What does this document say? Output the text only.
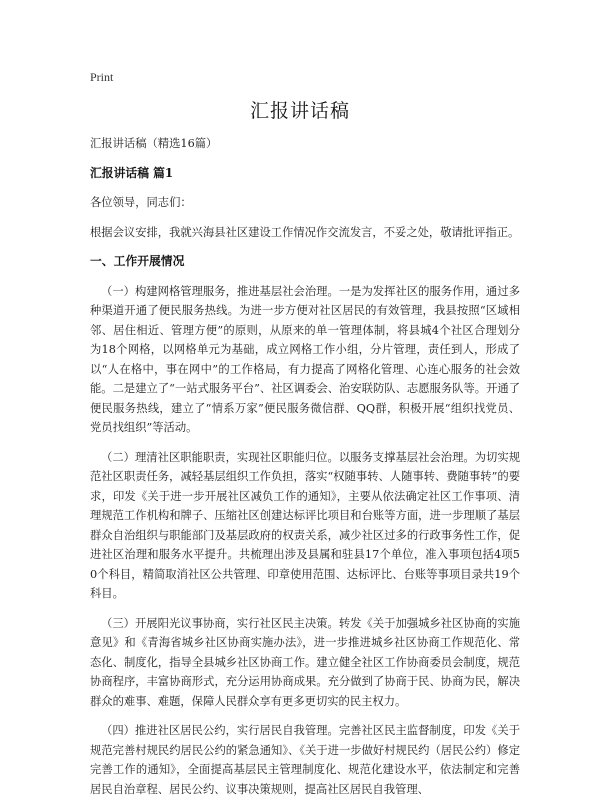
Print
汇报讲话稿

汇报讲话稿（精选16篇）

汇报讲话稿 篇1

各位领导，同志们：

根据会议安排，我就兴海县社区建设工作情况作交流发言，不妥之处，敬请批评指正。

一、工作开展情况

（一）构建网格管理服务，推进基层社会治理。一是为发挥社区的服务作用，通过多种渠道开通了便民服务热线。为进一步方便对社区居民的有效管理，我县按照“区域相邻、居住相近、管理方便”的原则，从原来的单一管理体制，将县城4个社区合理划分为18个网格，以网格单元为基础，成立网格工作小组，分片管理，责任到人，形成了以“人在格中，事在网中”的工作格局，有力提高了网格化管理、心连心服务的社会效能。二是建立了“一站式服务平台”、社区调委会、治安联防队、志愿服务队等。开通了便民服务热线，建立了“情系万家”便民服务微信群、QQ群，积极开展“组织找党员、党员找组织”等活动。

（二）理清社区职能职责，实现社区职能归位。以服务支撑基层社会治理。为切实规范社区职责任务，减轻基层组织工作负担，落实“权随事转、人随事转、费随事转”的要求，印发《关于进一步开展社区减负工作的通知》，主要从依法确定社区工作事项、清理规范工作机构和牌子、压缩社区创建达标评比项目和台账等方面，进一步理顺了基层群众自治组织与职能部门及基层政府的权责关系，减少社区过多的行政事务性工作，促进社区治理和服务水平提升。共梳理出涉及县属和驻县17个单位，准入事项包括4项50个科目，精简取消社区公共管理、印章使用范围、达标评比、台账等事项目录共19个科目。

（三）开展阳光议事协商，实行社区民主决策。转发《关于加强城乡社区协商的实施意见》和《青海省城乡社区协商实施办法》，进一步推进城乡社区协商工作规范化、常态化、制度化，指导全县城乡社区协商工作。建立健全社区工作协商委员会制度，规范协商程序，丰富协商形式，充分运用协商成果。充分做到了协商于民、协商为民，解决群众的难事、难题，保障人民群众享有更多更切实的民主权力。

（四）推进社区居民公约，实行居民自我管理。完善社区民主监督制度，印发《关于规范完善村规民约居民公约的紧急通知》、《关于进一步做好村规民约（居民公约）修定完善工作的通知》，全面提高基层民主管理制度化、规范化建设水平，依法制定和完善居民自治章程、居民公约、议事决策规则，提高社区居民自我管理、
